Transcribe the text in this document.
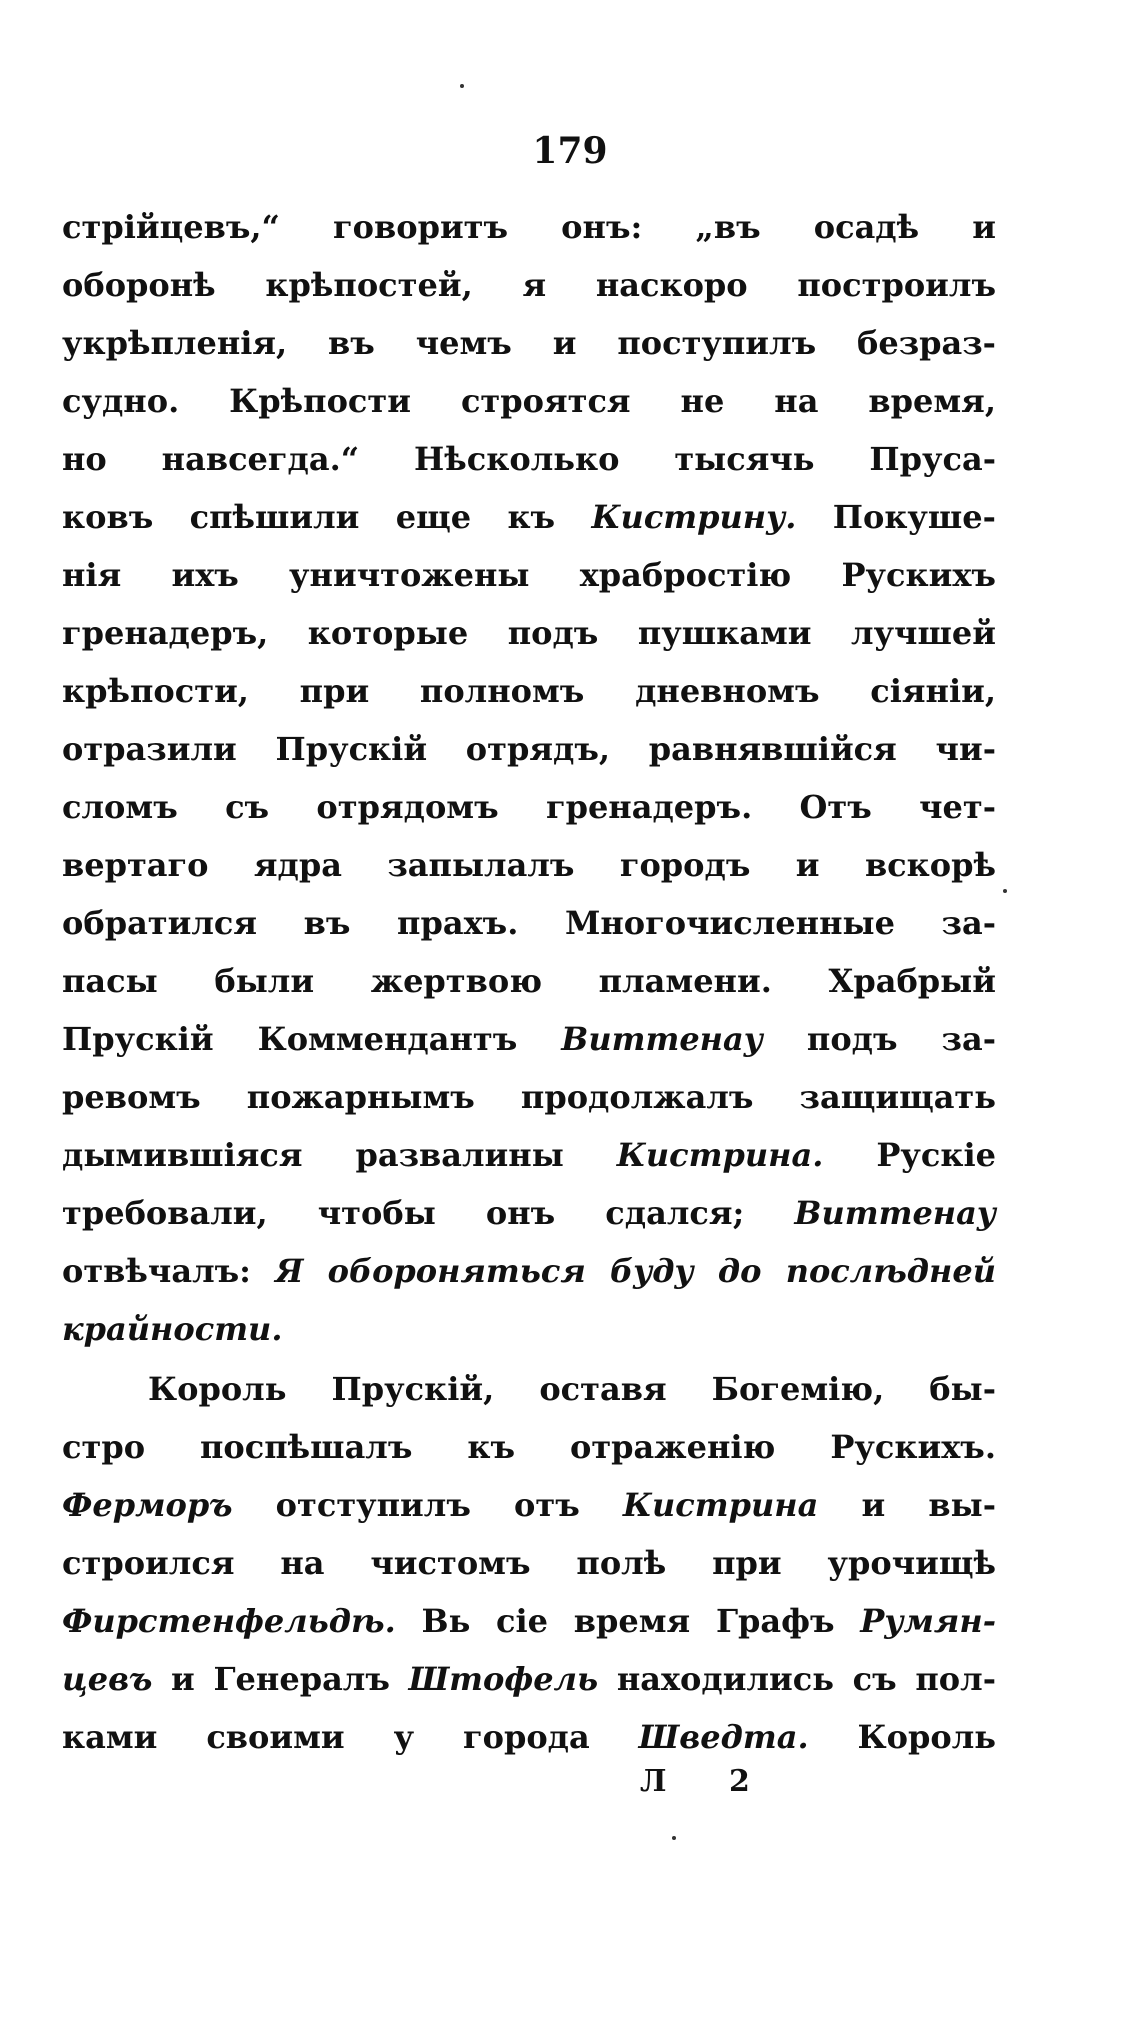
179
стрійцевъ,“ говоритъ онъ: „въ осадѣ и
оборонѣ крѣпостей, я наскоро построилъ
укрѣпленія, въ чемъ и поступилъ безраз-
судно. Крѣпости строятся не на время,
но навсегда.“ Нѣсколько тысячь Пруса-
ковъ спѣшили еще къ Кистрину. Покуше-
нія ихъ уничтожены храбростію Рускихъ
гренадеръ, которые подъ пушками лучшей
крѣпости, при полномъ дневномъ сіяніи,
отразили Прускій отрядъ, равнявшійся чи-
сломъ съ отрядомъ гренадеръ. Отъ чет-
вертаго ядра запылалъ городъ и вскорѣ
обратился въ прахъ. Многочисленные за-
пасы были жертвою пламени. Храбрый
Прускій Коммендантъ Виттенау подъ за-
ревомъ пожарнымъ продолжалъ защищать
дымившіяся развалины Кистрина. Рускіе
требовали, чтобы онъ сдался; Виттенау
отвѣчалъ: Я обороняться буду до послѣдней
крайности.
Король Прускій, оставя Богемію, бы-
стро поспѣшалъ къ отраженію Рускихъ.
Ферморъ отступилъ отъ Кистрина и вы-
строился на чистомъ полѣ при урочищѣ
Фирстенфельдѣ. Вь сіе время Графъ Румян-
цевъ и Генералъ Штофель находились съ пол-
ками своими у города Шведта. Король
Л 2
